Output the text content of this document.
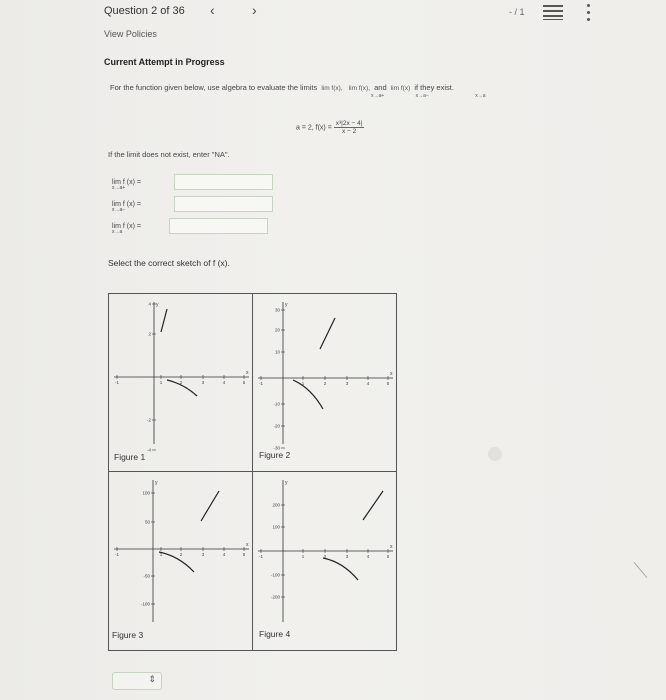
Question 2 of 36 ‹	›	- / 1
View Policies
Current Attempt in Progress
For the function given below, use algebra to evaluate the limits lim f(x), lim f(x), and lim f(x) if they exist.
x→a+	x→a−	x→a
a = 2, $f(x) = \frac{\text{x³|2x − 4|}}{x - 2}$
If the limit does not exist, enter "NA".
lim f (x) =
x→a+
lim f (x) =
x→a−
lim f (x) =
x→a
Select the correct sketch of f (x).
y
x
4
2
-2
-4
-1	1	2	3	4	5
y
x
30
20
10
-10
-20
-30
-1	1	2	3	4	5
y
x
100
50
-50
-100
-1	1	2	3	4	5
y
x
200
100
-100
-200
-1	1	2	3	4	5
Figure 1	Figure 2
Figure 3	Figure 4
⇕
